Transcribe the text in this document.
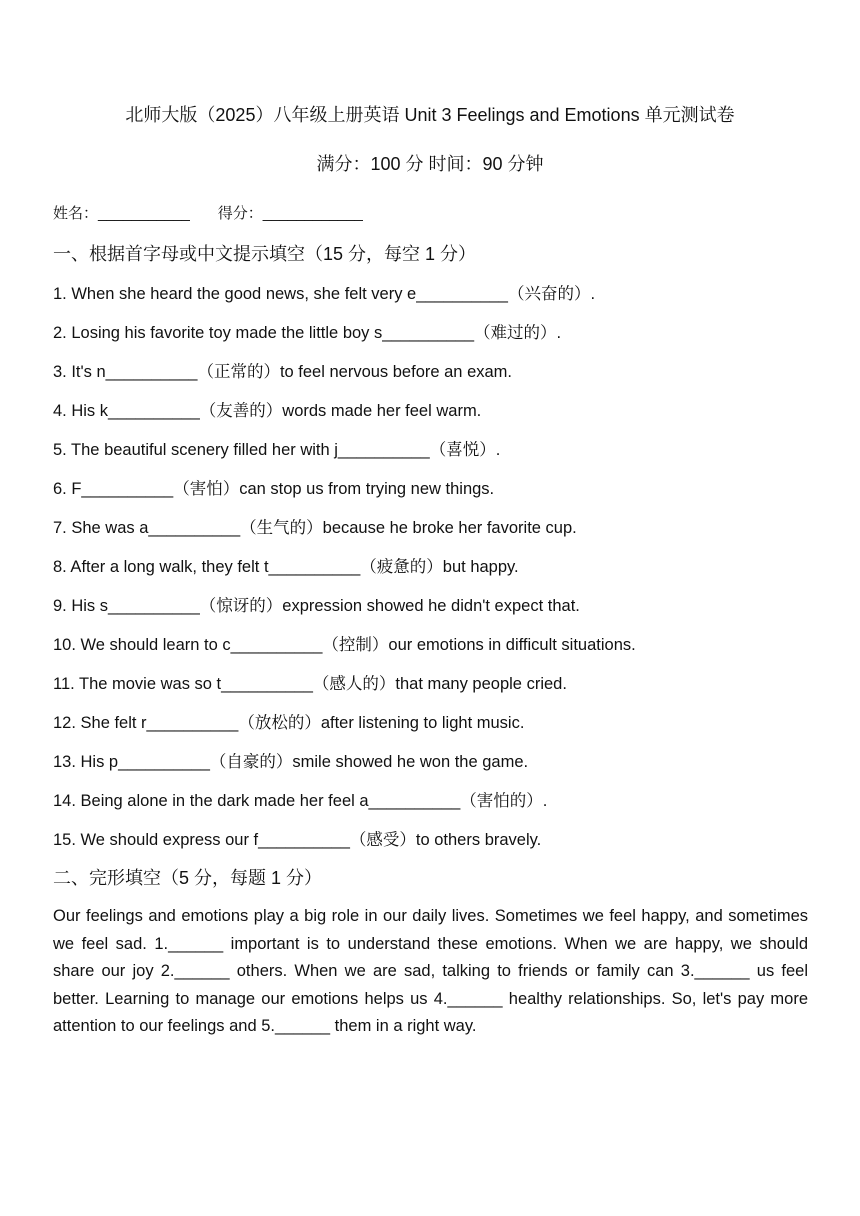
北师大版（2025）八年级上册英语 Unit 3 Feelings and Emotions 单元测试卷
满分：100 分 时间：90 分钟
姓名：___________ 得分：____________
一、根据首字母或中文提示填空（15 分，每空 1 分）
1. When she heard the good news, she felt very e__________（兴奋的）.
2. Losing his favorite toy made the little boy s__________（难过的）.
3. It's n__________（正常的）to feel nervous before an exam.
4. His k__________（友善的）words made her feel warm.
5. The beautiful scenery filled her with j__________（喜悦）.
6. F__________（害怕）can stop us from trying new things.
7. She was a__________（生气的）because he broke her favorite cup.
8. After a long walk, they felt t__________（疲惫的）but happy.
9. His s__________（惊讶的）expression showed he didn't expect that.
10. We should learn to c__________（控制）our emotions in difficult situations.
11. The movie was so t__________（感人的）that many people cried.
12. She felt r__________（放松的）after listening to light music.
13. His p__________（自豪的）smile showed he won the game.
14. Being alone in the dark made her feel a__________（害怕的）.
15. We should express our f__________（感受）to others bravely.
二、完形填空（5 分，每题 1 分）
Our feelings and emotions play a big role in our daily lives. Sometimes we feel happy, and sometimes we feel sad. 1.______ important is to understand these emotions. When we are happy, we should share our joy 2.______ others. When we are sad, talking to friends or family can 3.______ us feel better. Learning to manage our emotions helps us 4.______ healthy relationships. So, let's pay more attention to our feelings and 5.______ them in a right way.
